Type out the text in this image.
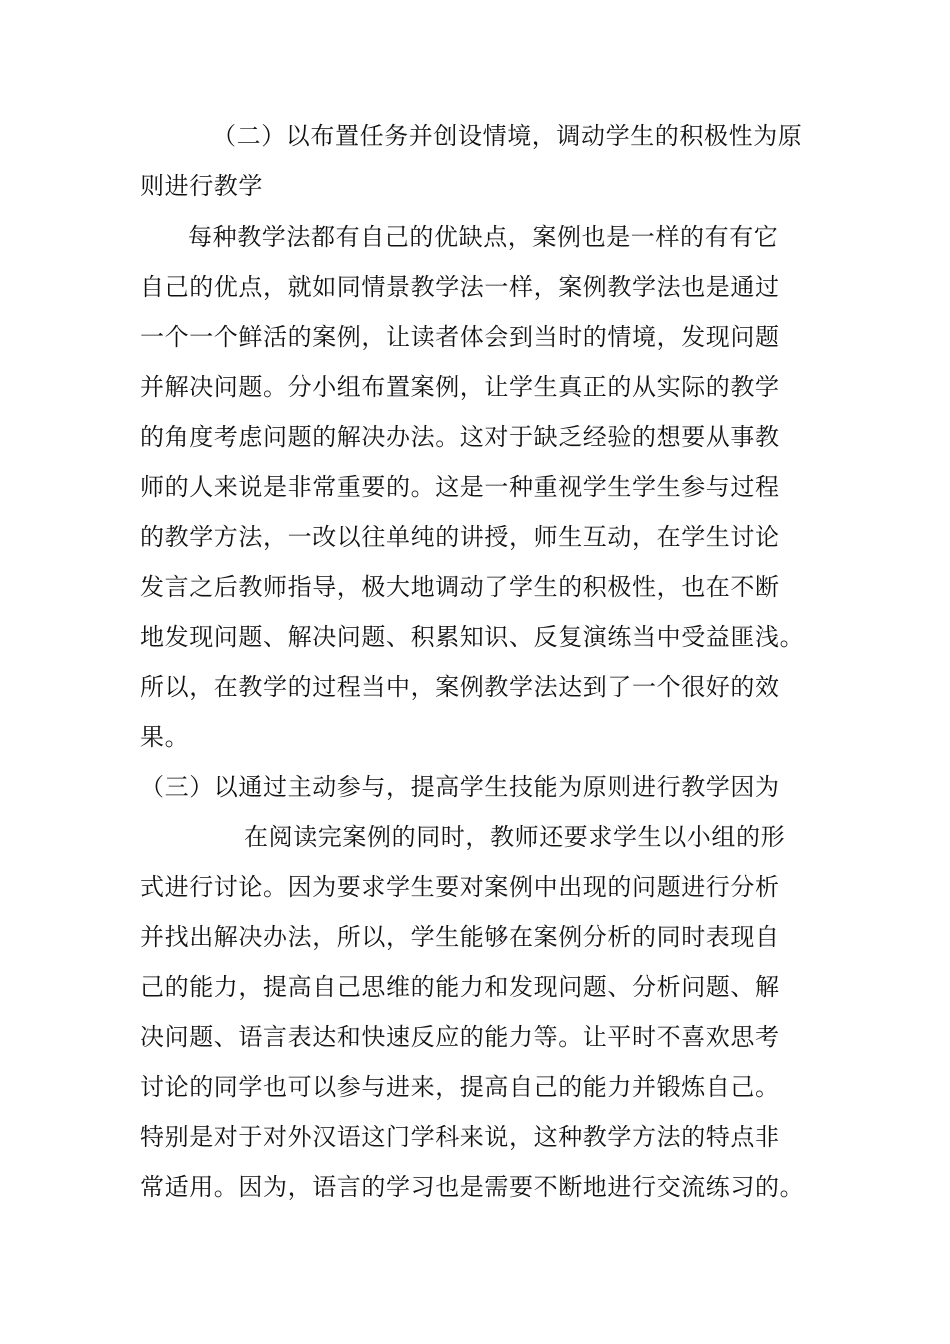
（二）以布置任务并创设情境，调动学生的积极性为原
则进行教学
每种教学法都有自己的优缺点，案例也是一样的有有它
自己的优点，就如同情景教学法一样，案例教学法也是通过
一个一个鲜活的案例，让读者体会到当时的情境，发现问题
并解决问题。分小组布置案例，让学生真正的从实际的教学
的角度考虑问题的解决办法。这对于缺乏经验的想要从事教
师的人来说是非常重要的。这是一种重视学生学生参与过程
的教学方法，一改以往单纯的讲授，师生互动，在学生讨论
发言之后教师指导，极大地调动了学生的积极性，也在不断
地发现问题、解决问题、积累知识、反复演练当中受益匪浅。
所以，在教学的过程当中，案例教学法达到了一个很好的效
果。
（三）以通过主动参与，提高学生技能为原则进行教学因为
在阅读完案例的同时，教师还要求学生以小组的形
式进行讨论。因为要求学生要对案例中出现的问题进行分析
并找出解决办法，所以，学生能够在案例分析的同时表现自
己的能力，提高自己思维的能力和发现问题、分析问题、解
决问题、语言表达和快速反应的能力等。让平时不喜欢思考
讨论的同学也可以参与进来，提高自己的能力并锻炼自己。
特别是对于对外汉语这门学科来说，这种教学方法的特点非
常适用。因为，语言的学习也是需要不断地进行交流练习的。
